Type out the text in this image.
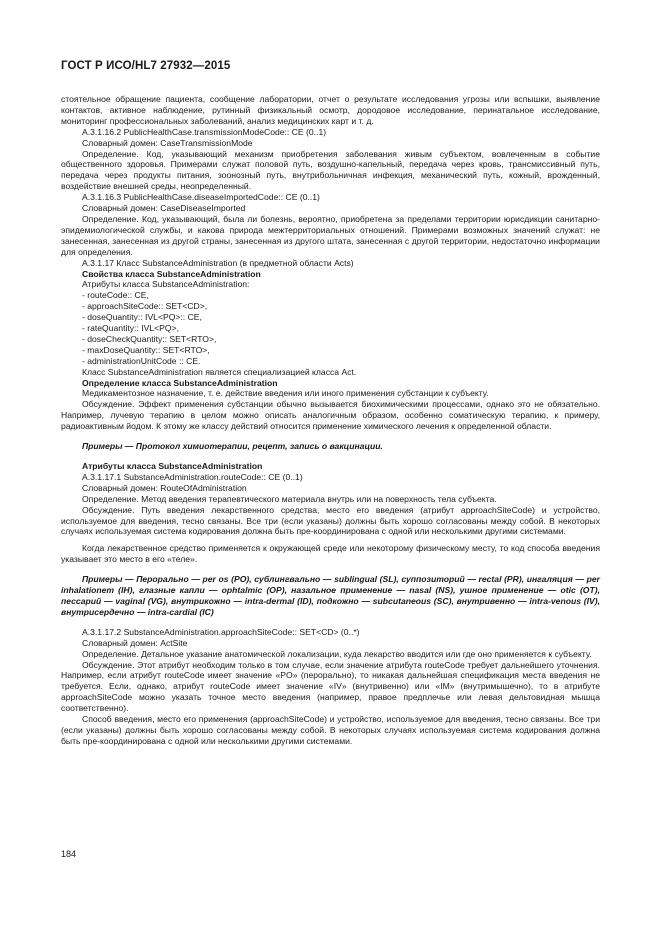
ГОСТ Р ИСО/HL7 27932—2015

стоятельное обращение пациента, сообщение лаборатории, отчет о результате исследования угрозы или вспышки, выявление контактов, активное наблюдение, рутинный физикальный осмотр, дородовое исследование, перинатальное исследование, мониторинг профессиональных заболеваний, анализ медицинских карт и т. д.

A.3.1.16.2 PublicHealthCase.transmissionModeCode:: CE (0..1)

Словарный домен: CaseTransmissionMode

Определение. Код, указывающий механизм приобретения заболевания живым субъектом, вовлеченным в событие общественного здоровья. Примерами служат половой путь, воздушно-капельный, передача через кровь, трансмиссивный путь, передача через продукты питания, зоонозный путь, внутрибольничная инфекция, механический путь, кожный, врожденный, воздействие внешней среды, неопределенный.

A.3.1.16.3 PublicHealthCase.diseaseImportedCode:: CE (0..1)

Словарный домен: CaseDiseaseImported

Определение. Код, указывающий, была ли болезнь, вероятно, приобретена за пределами территории юрисдикции санитарно-эпидемиологической службы, и какова природа межтерриториальных отношений. Примерами возможных значений служат: не занесенная, занесенная из другой страны, занесенная из другого штата, занесенная с другой территории, недостаточно информации для определения.

A.3.1.17 Класс SubstanceAdministration (в предметной области Acts)

Свойства класса SubstanceAdministration

Атрибуты класса SubstanceAdministration:

- routeCode:: CE,

- approachSiteCode:: SET<CD>,

- doseQuantity:: IVL<PQ>:: CE,

- rateQuantity:: IVL<PQ>,

- doseCheckQuantity:: SET<RTO>,

- maxDoseQuantity:: SET<RTO>,

- administrationUnitCode :: CE.

Класс SubstanceAdministration является специализацией класса Act.

Определение класса SubstanceAdministration

Медикаментозное назначение, т. е. действие введения или иного применения субстанции к субъекту.

Обсуждение. Эффект применения субстанции обычно вызывается биохимическими процессами, однако это не обязательно. Например, лучевую терапию в целом можно описать аналогичным образом, особенно соматическую терапию, к примеру, радиоактивным йодом. К этому же классу действий относится применение химического лечения к определенной области.

Примеры — Протокол химиотерапии, рецепт, запись о вакцинации.

Атрибуты класса SubstanceAdministration

A.3.1.17.1 SubstanceAdministration.routeCode:: CE (0..1)

Словарный домен: RouteOfAdministration

Определение. Метод введения терапевтического материала внутрь или на поверхность тела субъекта.

Обсуждение. Путь введения лекарственного средства, место его введения (атрибут approachSiteCode) и устройство, используемое для введения, тесно связаны. Все три (если указаны) должны быть хорошо согласованы между собой. В некоторых случаях используемая система кодирования должна быть пре-координирована с одной или несколькими другими системами.

Когда лекарственное средство применяется к окружающей среде или некоторому физическому месту, то код способа введения указывает это место в его «теле».

Примеры — Перорально — per os (PO), сублингвально — sublingual (SL), суппозиторий — rectal (PR), ингаляция — per inhalationem (IH), глазные капли — ophtalmic (OP), назальное применение — nasal (NS), ушное применение — otic (OT), пессарий — vaginal (VG), внутрикожно — intra-dermal (ID), подкожно — subcutaneous (SC), внутривенно — intra-venous (IV), внутрисердечно — intra-cardial (IC)

A.3.1.17.2 SubstanceAdministration.approachSiteCode:: SET<CD> (0..*)

Словарный домен: ActSite

Определение. Детальное указание анатомической локализации, куда лекарство вводится или где оно применяется к субъекту.

Обсуждение. Этот атрибут необходим только в том случае, если значение атрибута routeCode требует дальнейшего уточнения. Например, если атрибут routeCode имеет значение «PO» (перорально), то никакая дальнейшая спецификация места введения не требуется. Если, однако, атрибут routeCode имеет значение «IV» (внутривенно) или «IM» (внутримышечно), то в атрибуте approachSiteCode можно указать точное место введения (например, правое предплечье или левая дельтовидная мышца соответственно).

Способ введения, место его применения (approachSiteCode) и устройство, используемое для введения, тесно связаны. Все три (если указаны) должны быть хорошо согласованы между собой. В некоторых случаях используемая система кодирования должна быть пре-координирована с одной или несколькими другими системами.

184
